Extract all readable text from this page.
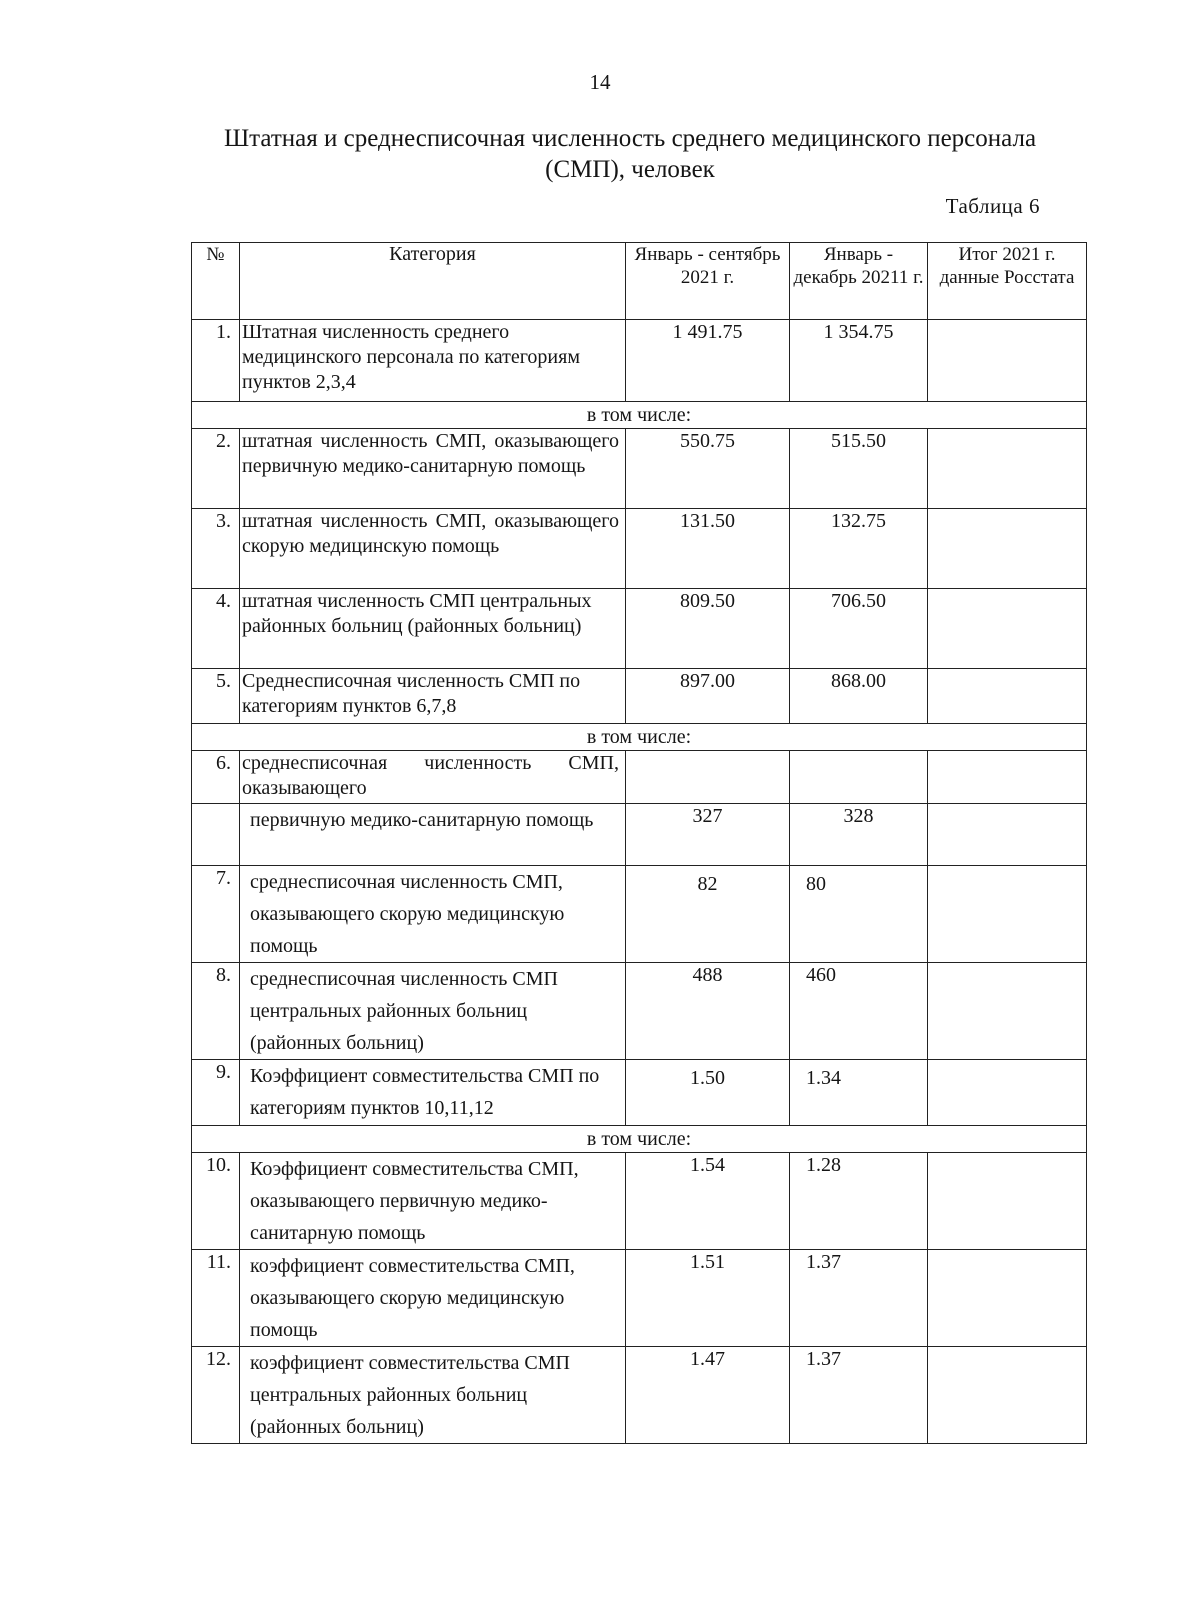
14
Штатная и среднесписочная численность среднего медицинского персонала
(СМП), человек
Таблица 6
№	Категория	Январь - сентябрь 2021 г.	Январь - декабрь 20211 г.	Итог 2021 г. данные Росстата
1.	Штатная численность среднего медицинского персонала по категориям пунктов 2,3,4	1 491.75	1 354.75	
в том числе:				
2.	штатная численность СМП, оказывающего первичную медико-санитарную помощь	550.75	515.50	
3.	штатная численность СМП, оказывающего скорую медицинскую помощь	131.50	132.75	
4.	штатная численность СМП центральных районных больниц (районных больниц)	809.50	706.50	
5.	Среднесписочная численность СМП по категориям пунктов 6,7,8	897.00	868.00	
в том числе:				
6.	среднесписочная численность СМП, оказывающего			
	первичную медико-санитарную помощь	327	328	
7.	среднесписочная численность СМП, оказывающего скорую медицинскую помощь	82	80	
8.	среднесписочная численность СМП центральных районных больниц (районных больниц)	488	460	
9.	Коэффициент совместительства СМП по категориям пунктов 10,11,12	1.50	1.34	
в том числе:				
10.	Коэффициент совместительства СМП, оказывающего первичную медико-санитарную помощь	1.54	1.28	
11.	коэффициент совместительства СМП, оказывающего скорую медицинскую помощь	1.51	1.37	
12.	коэффициент совместительства СМП центральных районных больниц (районных больниц)	1.47	1.37	
